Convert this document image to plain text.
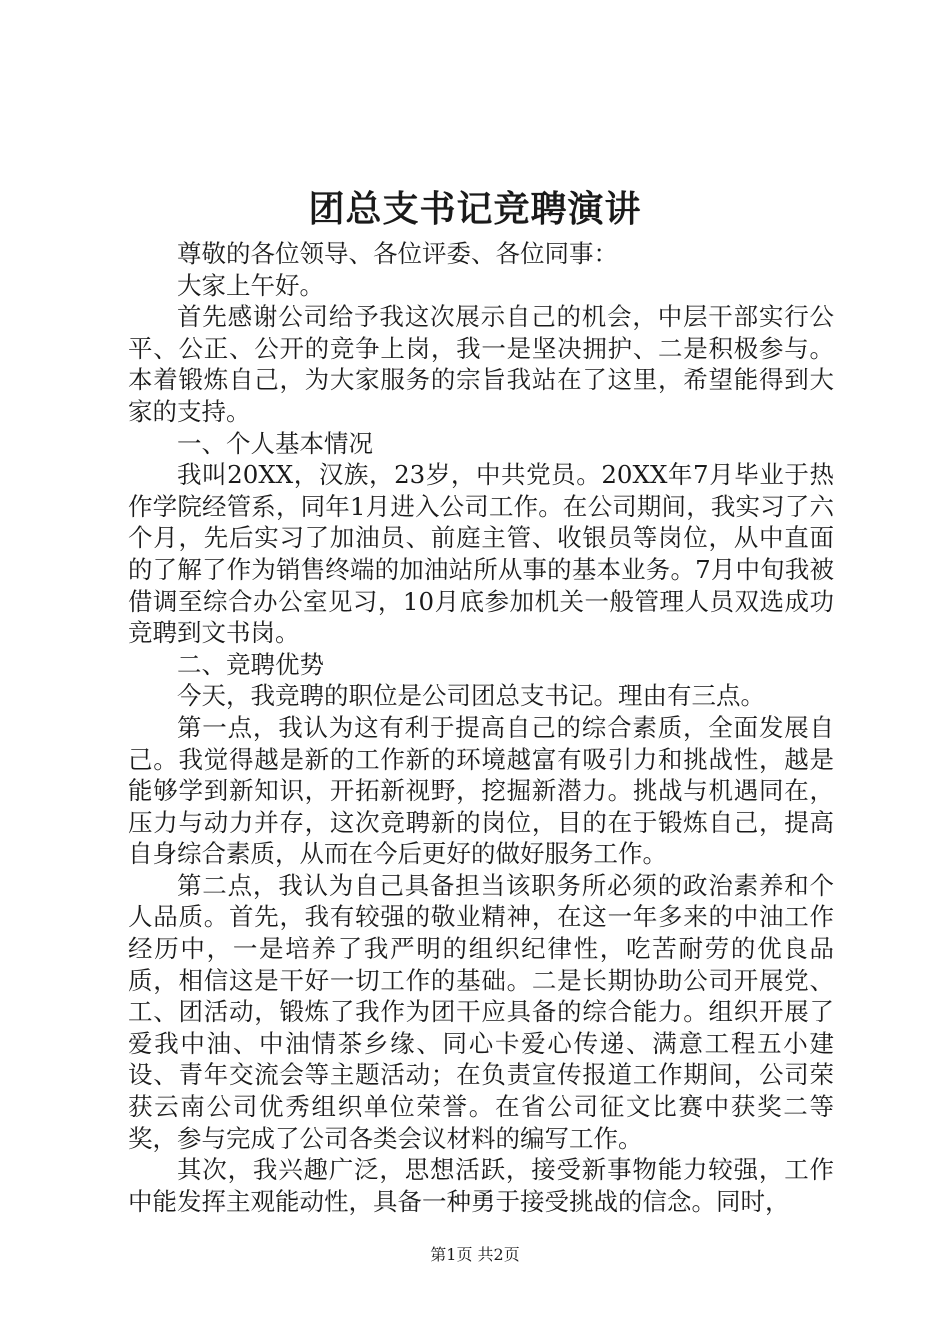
团总支书记竞聘演讲

尊敬的各位领导、各位评委、各位同事：

大家上午好。

首先感谢公司给予我这次展示自己的机会，中层干部实行公平、公正、公开的竞争上岗，我一是坚决拥护、二是积极参与。本着锻炼自己，为大家服务的宗旨我站在了这里，希望能得到大家的支持。

一、个人基本情况

我叫20XX，汉族，23岁，中共党员。20XX年7月毕业于热作学院经管系，同年1月进入公司工作。在公司期间，我实习了六个月，先后实习了加油员、前庭主管、收银员等岗位，从中直面的了解了作为销售终端的加油站所从事的基本业务。7月中旬我被借调至综合办公室见习，10月底参加机关一般管理人员双选成功竞聘到文书岗。

二、竞聘优势

今天，我竞聘的职位是公司团总支书记。理由有三点。

第一点，我认为这有利于提高自己的综合素质，全面发展自己。我觉得越是新的工作新的环境越富有吸引力和挑战性，越是能够学到新知识，开拓新视野，挖掘新潜力。挑战与机遇同在，压力与动力并存，这次竞聘新的岗位，目的在于锻炼自己，提高自身综合素质，从而在今后更好的做好服务工作。

第二点，我认为自己具备担当该职务所必须的政治素养和个人品质。首先，我有较强的敬业精神，在这一年多来的中油工作经历中，一是培养了我严明的组织纪律性，吃苦耐劳的优良品质，相信这是干好一切工作的基础。二是长期协助公司开展党、工、团活动，锻炼了我作为团干应具备的综合能力。组织开展了爱我中油、中油情茶乡缘、同心卡爱心传递、满意工程五小建设、青年交流会等主题活动；在负责宣传报道工作期间，公司荣获云南公司优秀组织单位荣誉。在省公司征文比赛中获奖二等奖，参与完成了公司各类会议材料的编写工作。

其次，我兴趣广泛，思想活跃，接受新事物能力较强，工作中能发挥主观能动性，具备一种勇于接受挑战的信念。同时，

第1页 共2页
